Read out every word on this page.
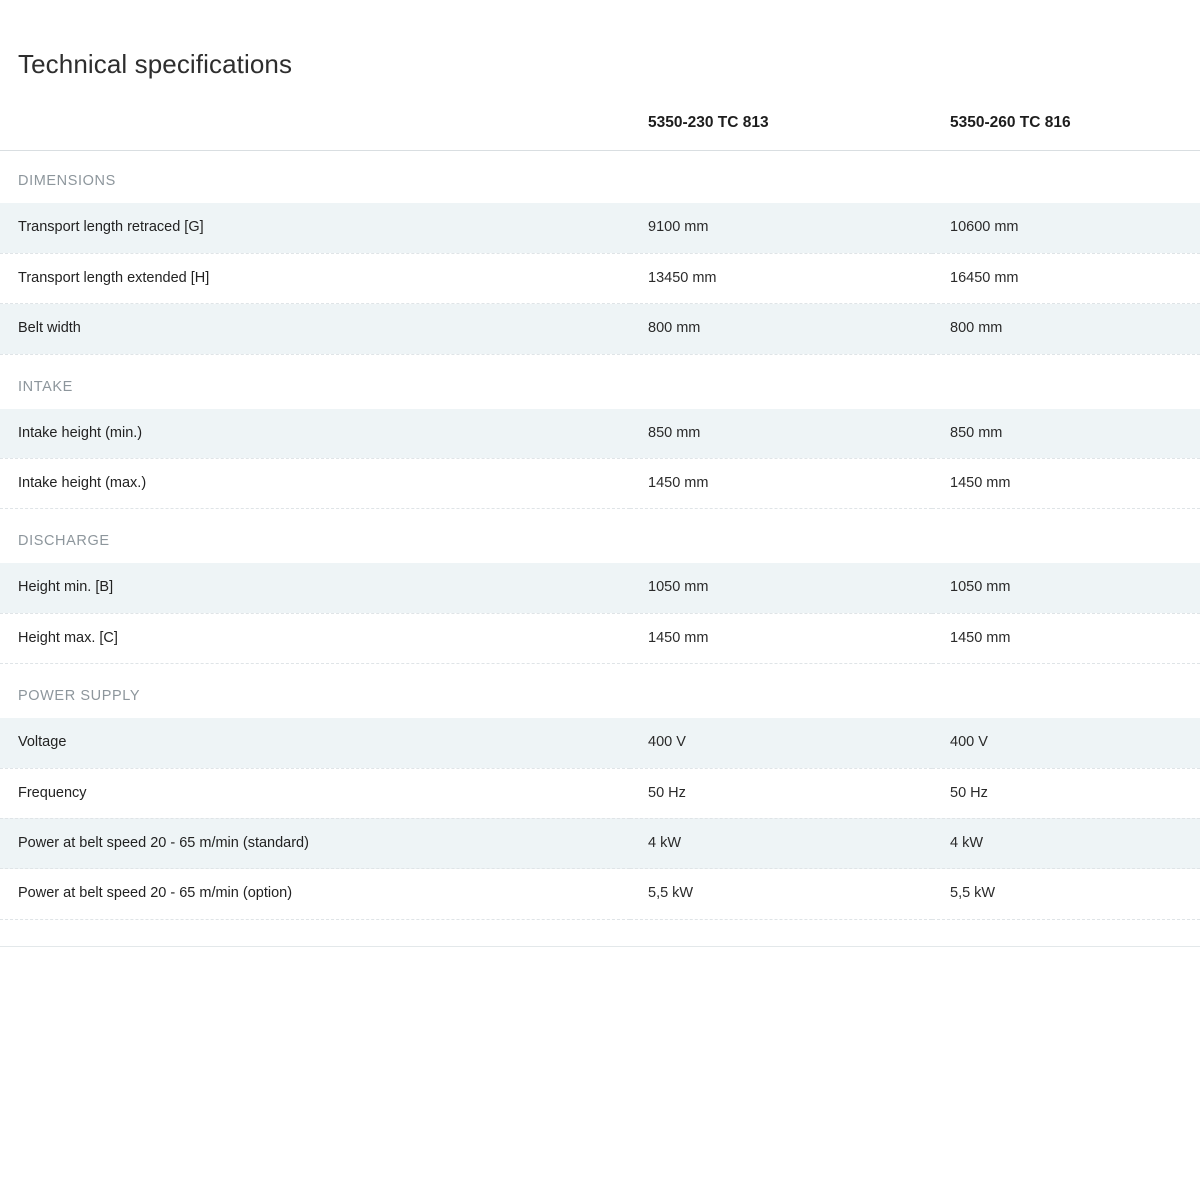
Technical specifications
	5350-230 TC 813	5350-260 TC 816
DIMENSIONS		
Transport length retraced [G]	9100 mm	10600 mm
Transport length extended [H]	13450 mm	16450 mm
Belt width	800 mm	800 mm
INTAKE		
Intake height (min.)	850 mm	850 mm
Intake height (max.)	1450 mm	1450 mm
DISCHARGE		
Height min. [B]	1050 mm	1050 mm
Height max. [C]	1450 mm	1450 mm
POWER SUPPLY		
Voltage	400 V	400 V
Frequency	50 Hz	50 Hz
Power at belt speed 20 - 65 m/min (standard)	4 kW	4 kW
Power at belt speed 20 - 65 m/min (option)	5,5 kW	5,5 kW
